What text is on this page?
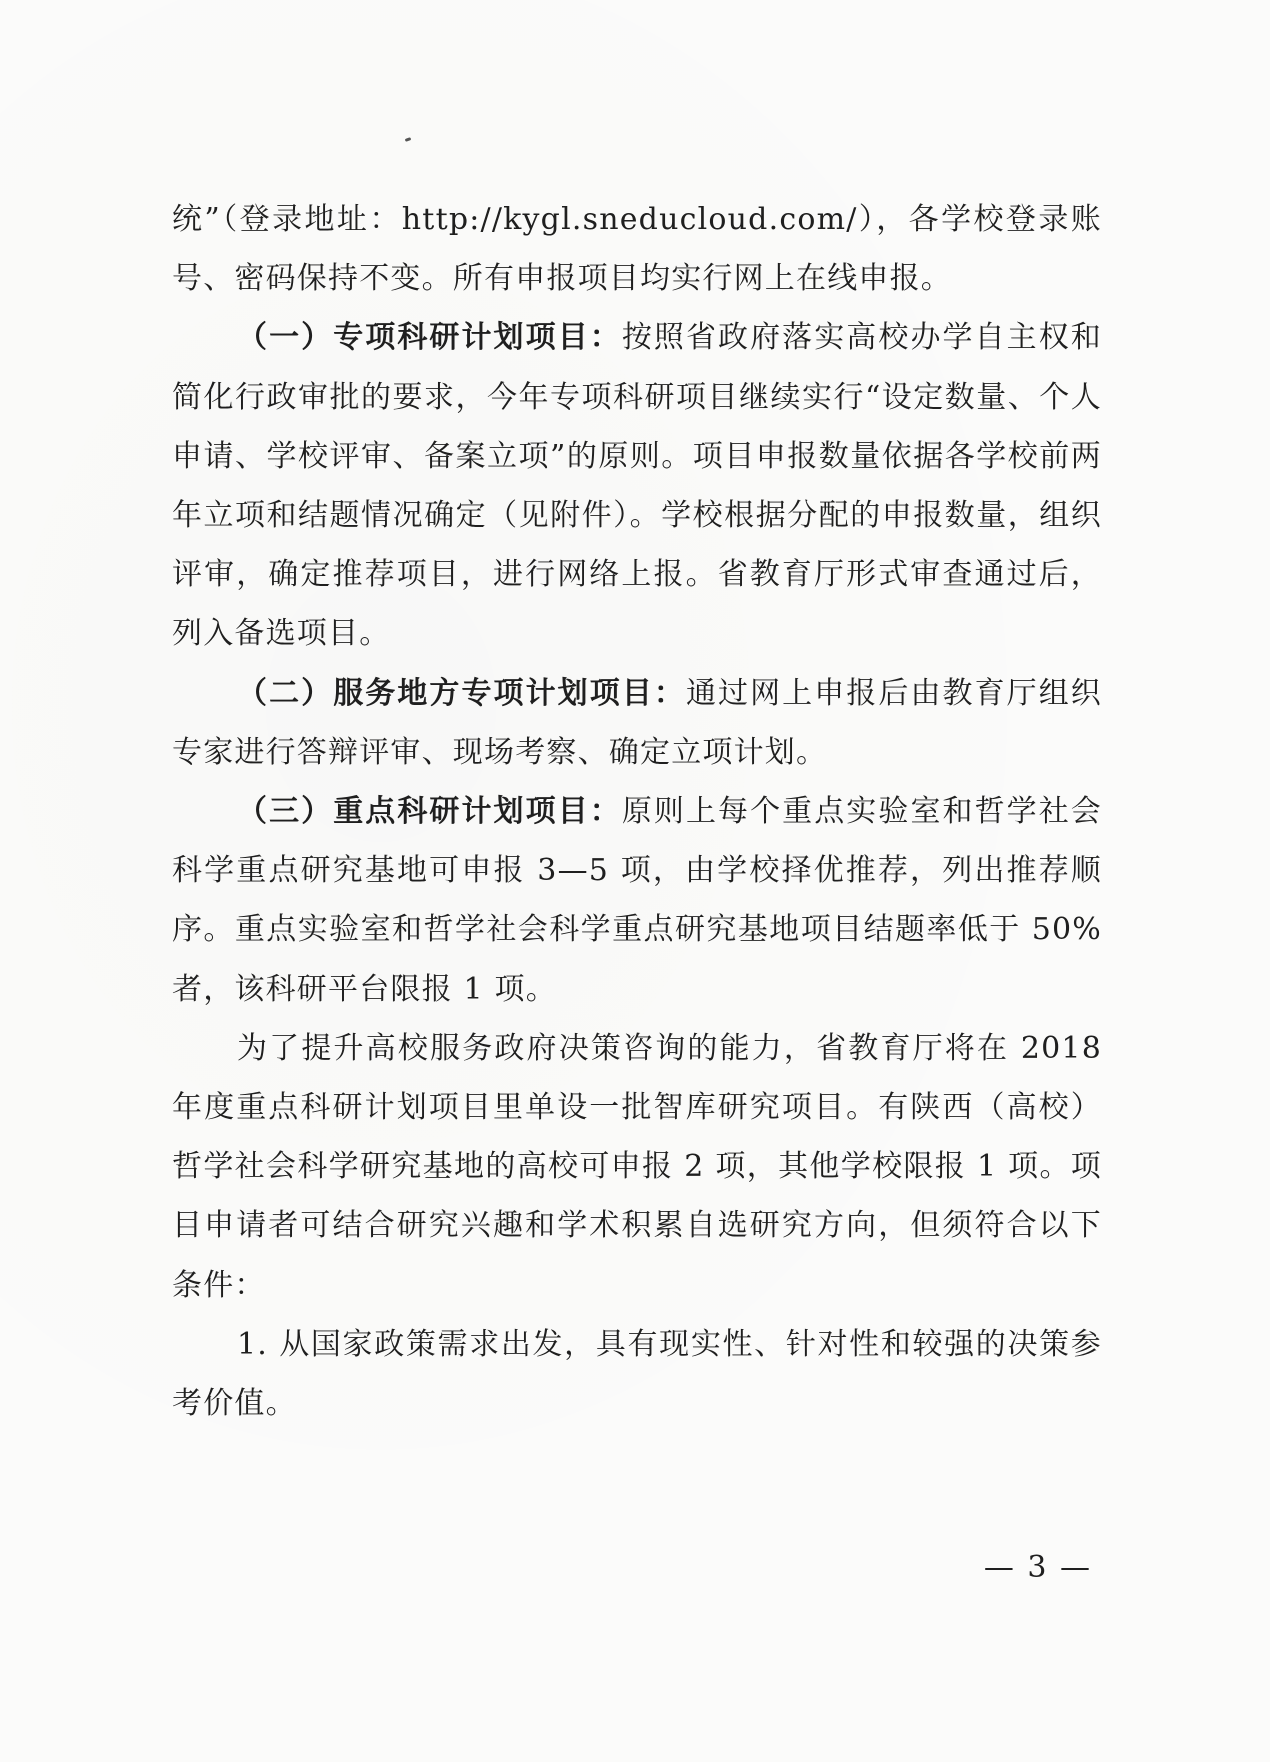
统”（登录地址：http://kygl.sneducloud.com/），各学校登录账号、密码保持不变。所有申报项目均实行网上在线申报。

（一）专项科研计划项目：按照省政府落实高校办学自主权和简化行政审批的要求，今年专项科研项目继续实行“设定数量、个人申请、学校评审、备案立项”的原则。项目申报数量依据各学校前两年立项和结题情况确定（见附件）。学校根据分配的申报数量，组织评审，确定推荐项目，进行网络上报。省教育厅形式审查通过后，列入备选项目。

（二）服务地方专项计划项目：通过网上申报后由教育厅组织专家进行答辩评审、现场考察、确定立项计划。

（三）重点科研计划项目：原则上每个重点实验室和哲学社会科学重点研究基地可申报 3—5 项，由学校择优推荐，列出推荐顺序。重点实验室和哲学社会科学重点研究基地项目结题率低于 50%者，该科研平台限报 1 项。

为了提升高校服务政府决策咨询的能力，省教育厅将在 2018 年度重点科研计划项目里单设一批智库研究项目。有陕西（高校）哲学社会科学研究基地的高校可申报 2 项，其他学校限报 1 项。项目申请者可结合研究兴趣和学术积累自选研究方向，但须符合以下条件：

1. 从国家政策需求出发，具有现实性、针对性和较强的决策参考价值。

— 3 —
